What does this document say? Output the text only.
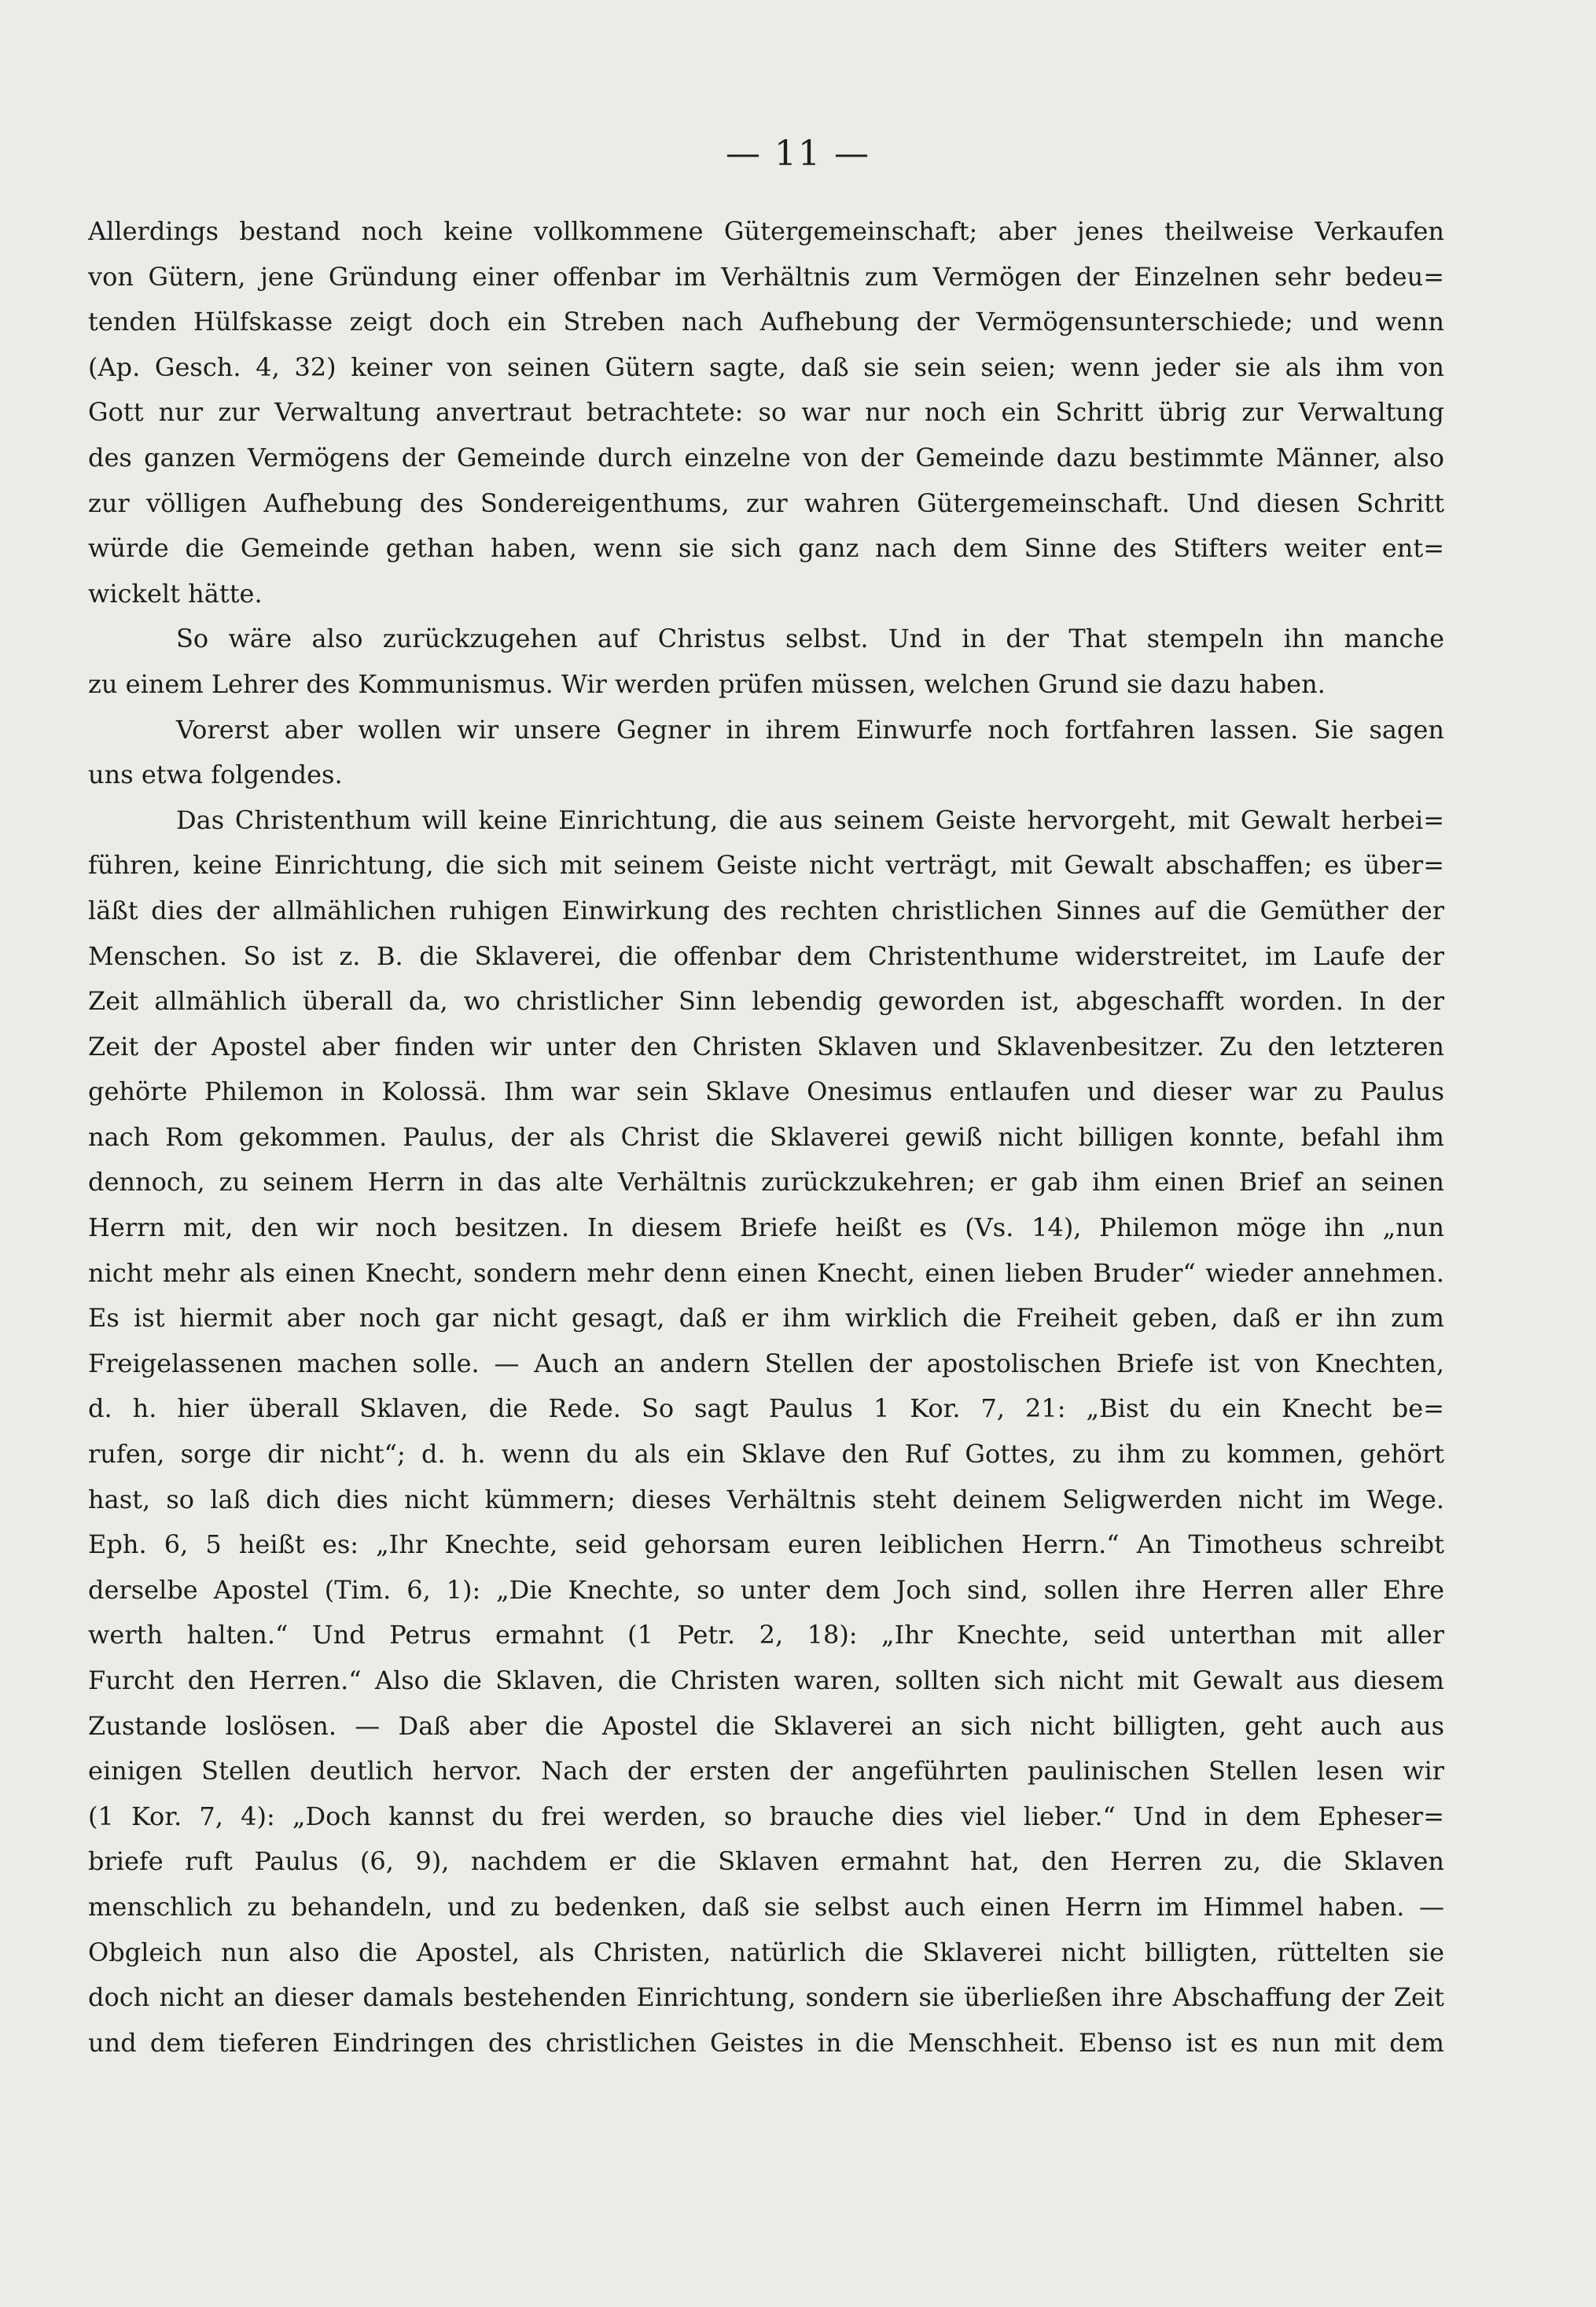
— 11 —
Allerdings bestand noch keine vollkommene Gütergemeinschaft; aber jenes theilweise Verkaufen
von Gütern, jene Gründung einer offenbar im Verhältnis zum Vermögen der Einzelnen sehr bedeu=
tenden Hülfskasse zeigt doch ein Streben nach Aufhebung der Vermögensunterschiede; und wenn
(Ap. Gesch. 4, 32) keiner von seinen Gütern sagte, daß sie sein seien; wenn jeder sie als ihm von
Gott nur zur Verwaltung anvertraut betrachtete: so war nur noch ein Schritt übrig zur Verwaltung
des ganzen Vermögens der Gemeinde durch einzelne von der Gemeinde dazu bestimmte Männer, also
zur völligen Aufhebung des Sondereigenthums, zur wahren Gütergemeinschaft. Und diesen Schritt
würde die Gemeinde gethan haben, wenn sie sich ganz nach dem Sinne des Stifters weiter ent=
wickelt hätte.
So wäre also zurückzugehen auf Christus selbst. Und in der That stempeln ihn manche
zu einem Lehrer des Kommunismus. Wir werden prüfen müssen, welchen Grund sie dazu haben.
Vorerst aber wollen wir unsere Gegner in ihrem Einwurfe noch fortfahren lassen. Sie sagen
uns etwa folgendes.
Das Christenthum will keine Einrichtung, die aus seinem Geiste hervorgeht, mit Gewalt herbei=
führen, keine Einrichtung, die sich mit seinem Geiste nicht verträgt, mit Gewalt abschaffen; es über=
läßt dies der allmählichen ruhigen Einwirkung des rechten christlichen Sinnes auf die Gemüther der
Menschen. So ist z. B. die Sklaverei, die offenbar dem Christenthume widerstreitet, im Laufe der
Zeit allmählich überall da, wo christlicher Sinn lebendig geworden ist, abgeschafft worden. In der
Zeit der Apostel aber finden wir unter den Christen Sklaven und Sklavenbesitzer. Zu den letzteren
gehörte Philemon in Kolossä. Ihm war sein Sklave Onesimus entlaufen und dieser war zu Paulus
nach Rom gekommen. Paulus, der als Christ die Sklaverei gewiß nicht billigen konnte, befahl ihm
dennoch, zu seinem Herrn in das alte Verhältnis zurückzukehren; er gab ihm einen Brief an seinen
Herrn mit, den wir noch besitzen. In diesem Briefe heißt es (Vs. 14), Philemon möge ihn „nun
nicht mehr als einen Knecht, sondern mehr denn einen Knecht, einen lieben Bruder“ wieder annehmen.
Es ist hiermit aber noch gar nicht gesagt, daß er ihm wirklich die Freiheit geben, daß er ihn zum
Freigelassenen machen solle. — Auch an andern Stellen der apostolischen Briefe ist von Knechten,
d. h. hier überall Sklaven, die Rede. So sagt Paulus 1 Kor. 7, 21: „Bist du ein Knecht be=
rufen, sorge dir nicht“; d. h. wenn du als ein Sklave den Ruf Gottes, zu ihm zu kommen, gehört
hast, so laß dich dies nicht kümmern; dieses Verhältnis steht deinem Seligwerden nicht im Wege.
Eph. 6, 5 heißt es: „Ihr Knechte, seid gehorsam euren leiblichen Herrn.“ An Timotheus schreibt
derselbe Apostel (Tim. 6, 1): „Die Knechte, so unter dem Joch sind, sollen ihre Herren aller Ehre
werth halten.“ Und Petrus ermahnt (1 Petr. 2, 18): „Ihr Knechte, seid unterthan mit aller
Furcht den Herren.“ Also die Sklaven, die Christen waren, sollten sich nicht mit Gewalt aus diesem
Zustande loslösen. — Daß aber die Apostel die Sklaverei an sich nicht billigten, geht auch aus
einigen Stellen deutlich hervor. Nach der ersten der angeführten paulinischen Stellen lesen wir
(1 Kor. 7, 4): „Doch kannst du frei werden, so brauche dies viel lieber.“ Und in dem Epheser=
briefe ruft Paulus (6, 9), nachdem er die Sklaven ermahnt hat, den Herren zu, die Sklaven
menschlich zu behandeln, und zu bedenken, daß sie selbst auch einen Herrn im Himmel haben. —
Obgleich nun also die Apostel, als Christen, natürlich die Sklaverei nicht billigten, rüttelten sie
doch nicht an dieser damals bestehenden Einrichtung, sondern sie überließen ihre Abschaffung der Zeit
und dem tieferen Eindringen des christlichen Geistes in die Menschheit. Ebenso ist es nun mit dem
